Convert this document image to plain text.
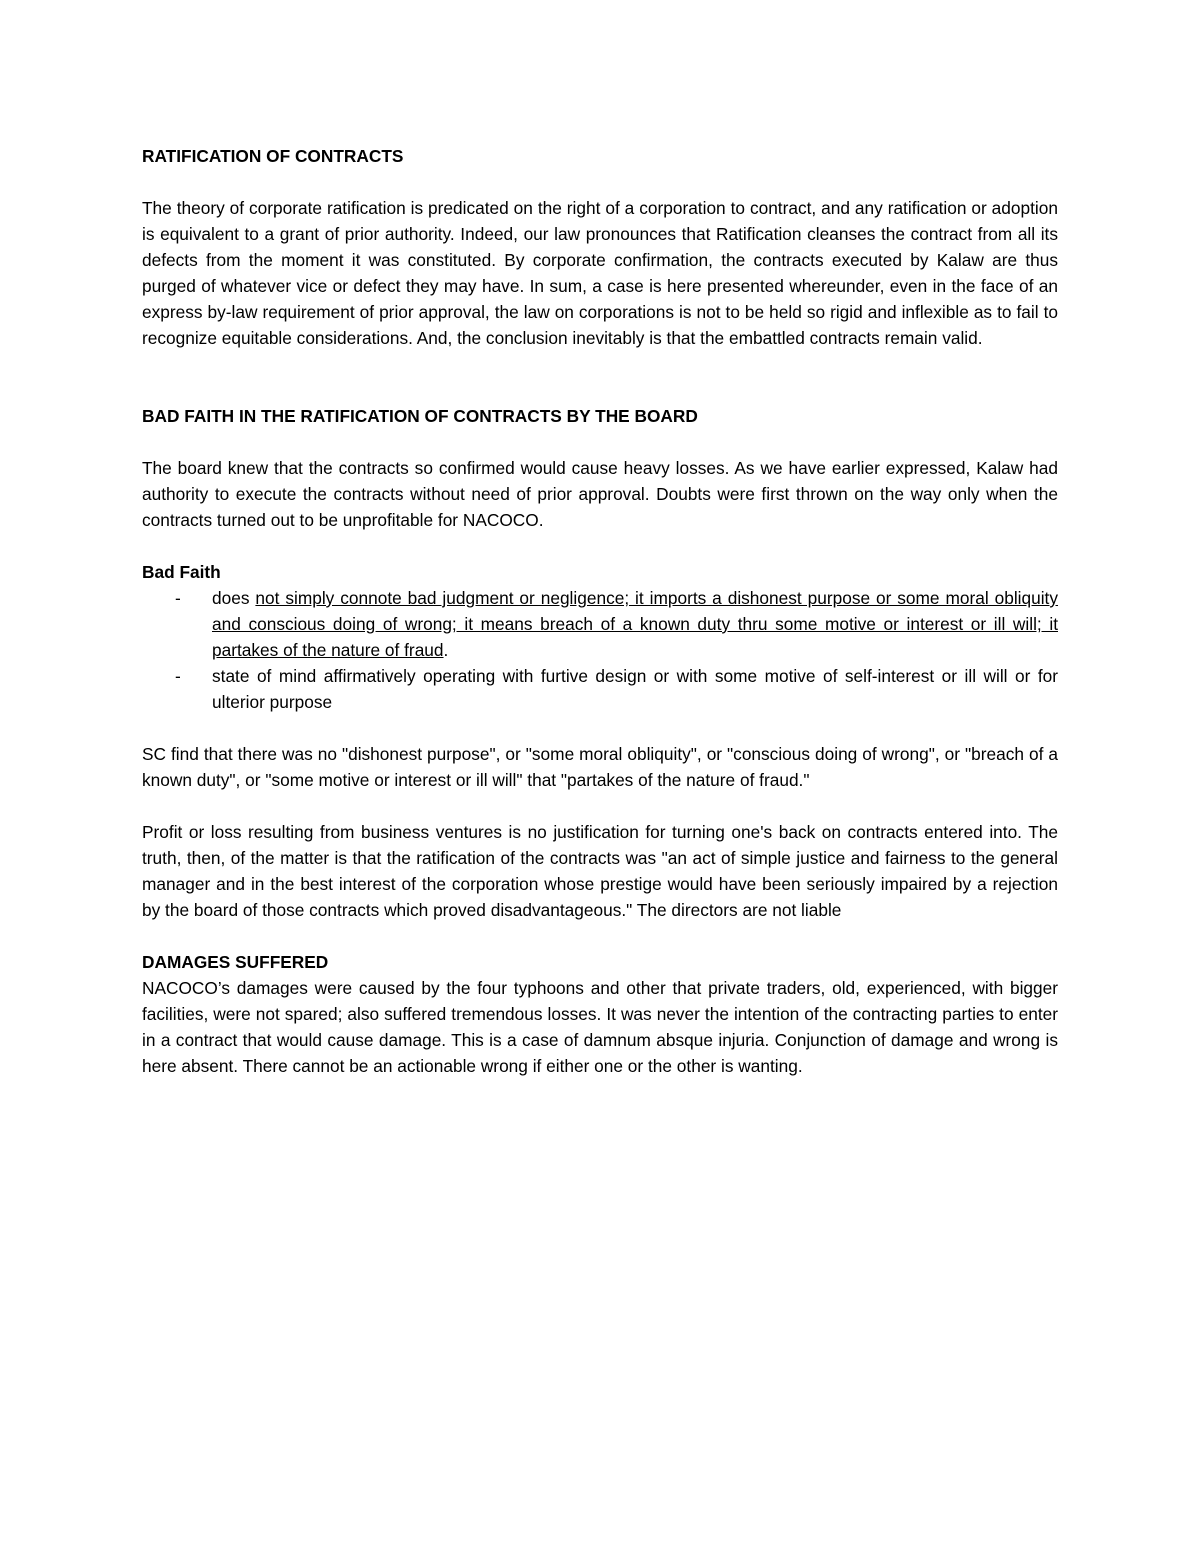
RATIFICATION OF CONTRACTS

The theory of corporate ratification is predicated on the right of a corporation to contract, and any ratification or adoption is equivalent to a grant of prior authority. Indeed, our law pronounces that Ratification cleanses the contract from all its defects from the moment it was constituted. By corporate confirmation, the contracts executed by Kalaw are thus purged of whatever vice or defect they may have. In sum, a case is here presented whereunder, even in the face of an express by-law requirement of prior approval, the law on corporations is not to be held so rigid and inflexible as to fail to recognize equitable considerations. And, the conclusion inevitably is that the embattled contracts remain valid.

BAD FAITH IN THE RATIFICATION OF CONTRACTS BY THE BOARD

The board knew that the contracts so confirmed would cause heavy losses. As we have earlier expressed, Kalaw had authority to execute the contracts without need of prior approval. Doubts were first thrown on the way only when the contracts turned out to be unprofitable for NACOCO.

Bad Faith
- does not simply connote bad judgment or negligence; it imports a dishonest purpose or some moral obliquity and conscious doing of wrong; it means breach of a known duty thru some motive or interest or ill will; it partakes of the nature of fraud.
- state of mind affirmatively operating with furtive design or with some motive of self-interest or ill will or for ulterior purpose

SC find that there was no "dishonest purpose", or "some moral obliquity", or "conscious doing of wrong", or "breach of a known duty", or "some motive or interest or ill will" that "partakes of the nature of fraud."

Profit or loss resulting from business ventures is no justification for turning one's back on contracts entered into. The truth, then, of the matter is that the ratification of the contracts was "an act of simple justice and fairness to the general manager and in the best interest of the corporation whose prestige would have been seriously impaired by a rejection by the board of those contracts which proved disadvantageous." The directors are not liable

DAMAGES SUFFERED

NACOCO’s damages were caused by the four typhoons and other that private traders, old, experienced, with bigger facilities, were not spared; also suffered tremendous losses. It was never the intention of the contracting parties to enter in a contract that would cause damage. This is a case of damnum absque injuria. Conjunction of damage and wrong is here absent. There cannot be an actionable wrong if either one or the other is wanting.
